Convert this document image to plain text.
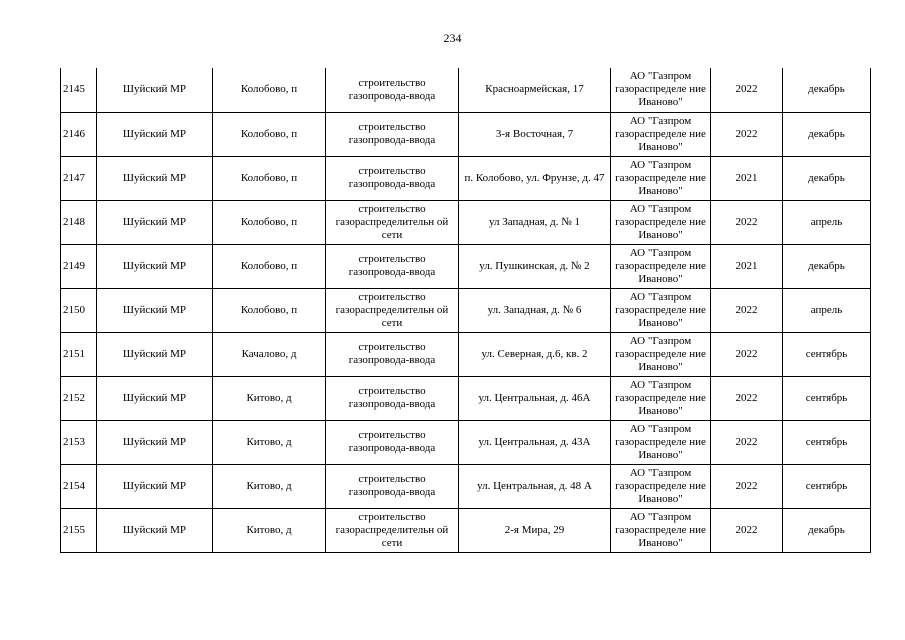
234
2145	Шуйский МР	Колобово, п	строительство газопровода-ввода	Красноармейская, 17	АО "Газпром газораспределе ние Иваново"	2022	декабрь
2146	Шуйский МР	Колобово, п	строительство газопровода-ввода	3-я Восточная, 7	АО "Газпром газораспределе ние Иваново"	2022	декабрь
2147	Шуйский МР	Колобово, п	строительство газопровода-ввода	п. Колобово, ул. Фрунзе, д. 47	АО "Газпром газораспределе ние Иваново"	2021	декабрь
2148	Шуйский МР	Колобово, п	строительство газораспределительн ой сети	ул Западная, д. № 1	АО "Газпром газораспределе ние Иваново"	2022	апрель
2149	Шуйский МР	Колобово, п	строительство газопровода-ввода	ул. Пушкинская, д. № 2	АО "Газпром газораспределе ние Иваново"	2021	декабрь
2150	Шуйский МР	Колобово, п	строительство газораспределительн ой сети	ул. Западная, д. № 6	АО "Газпром газораспределе ние Иваново"	2022	апрель
2151	Шуйский МР	Качалово, д	строительство газопровода-ввода	ул. Северная, д.6, кв. 2	АО "Газпром газораспределе ние Иваново"	2022	сентябрь
2152	Шуйский МР	Китово, д	строительство газопровода-ввода	ул. Центральная, д. 46А	АО "Газпром газораспределе ние Иваново"	2022	сентябрь
2153	Шуйский МР	Китово, д	строительство газопровода-ввода	ул. Центральная, д. 43А	АО "Газпром газораспределе ние Иваново"	2022	сентябрь
2154	Шуйский МР	Китово, д	строительство газопровода-ввода	ул. Центральная, д. 48 А	АО "Газпром газораспределе ние Иваново"	2022	сентябрь
2155	Шуйский МР	Китово, д	строительство газораспределительн ой сети	2-я Мира, 29	АО "Газпром газораспределе ние Иваново"	2022	декабрь
